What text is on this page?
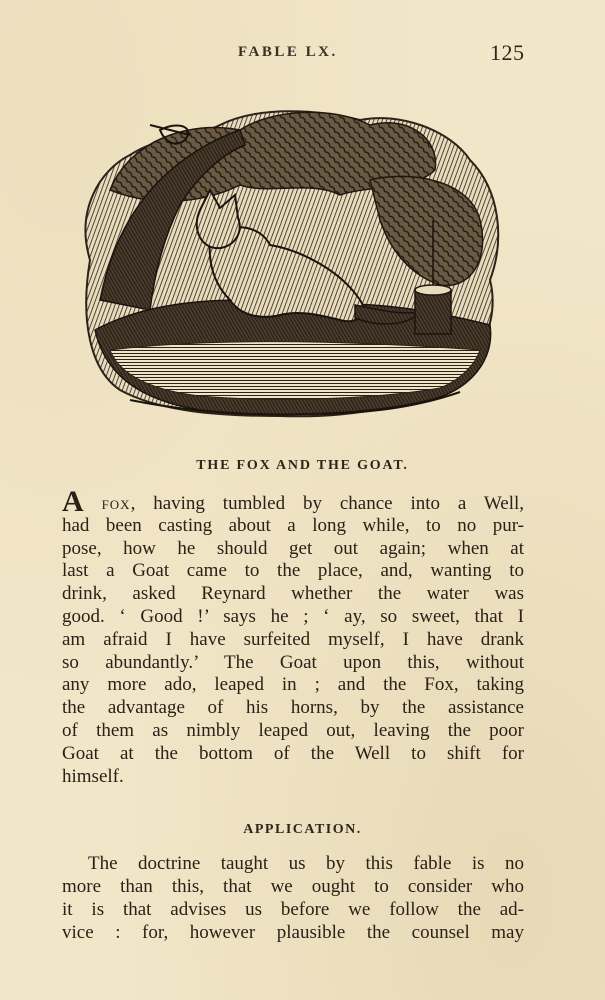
FABLE LX.	125
THE FOX AND THE GOAT.
A fox, having tumbled by chance into a Well,
had been casting about a long while, to no pur-
pose, how he should get out again; when at
last a Goat came to the place, and, wanting to
drink, asked Reynard whether the water was
good. ‘ Good !’ says he ; ‘ ay, so sweet, that I
am afraid I have surfeited myself, I have drank
so abundantly.’ The Goat upon this, without
any more ado, leaped in ; and the Fox, taking
the advantage of his horns, by the assistance
of them as nimbly leaped out, leaving the poor
Goat at the bottom of the Well to shift for
himself.
APPLICATION.
The doctrine taught us by this fable is no
more than this, that we ought to consider who
it is that advises us before we follow the ad-
vice : for, however plausible the counsel may
